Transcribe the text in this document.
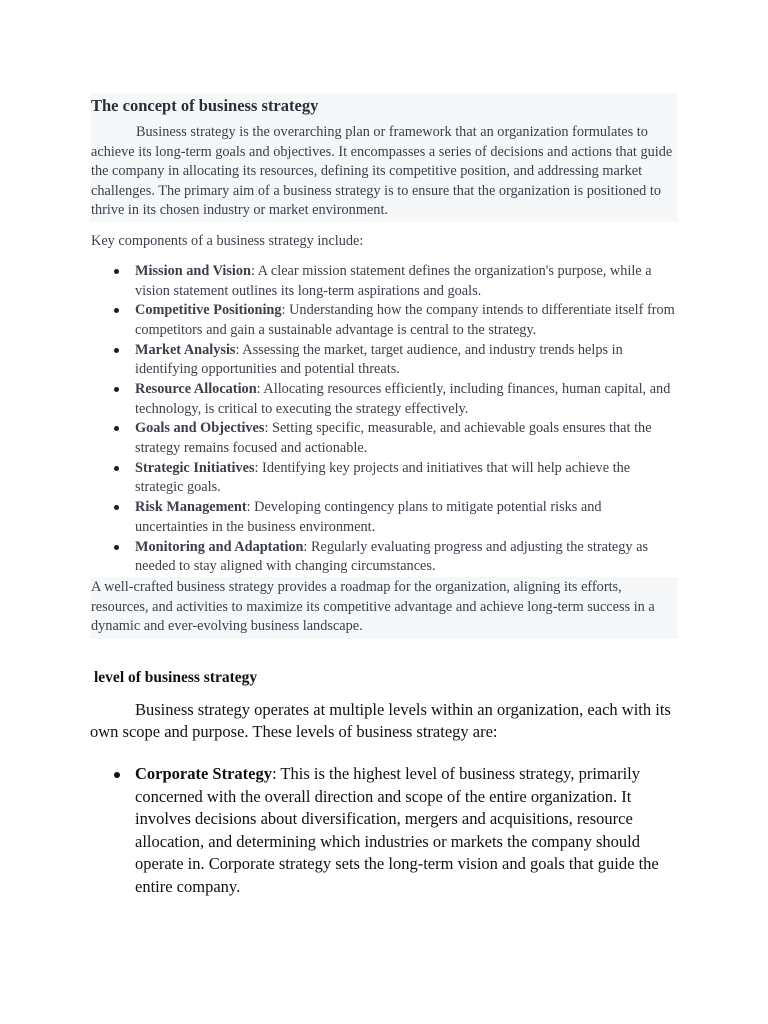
The concept of business strategy

Business strategy is the overarching plan or framework that an organization formulates to achieve its long-term goals and objectives. It encompasses a series of decisions and actions that guide the company in allocating its resources, defining its competitive position, and addressing market challenges. The primary aim of a business strategy is to ensure that the organization is positioned to thrive in its chosen industry or market environment.

Key components of a business strategy include:

Mission and Vision: A clear mission statement defines the organization's purpose, while a vision statement outlines its long-term aspirations and goals.
Competitive Positioning: Understanding how the company intends to differentiate itself from competitors and gain a sustainable advantage is central to the strategy.
Market Analysis: Assessing the market, target audience, and industry trends helps in identifying opportunities and potential threats.
Resource Allocation: Allocating resources efficiently, including finances, human capital, and technology, is critical to executing the strategy effectively.
Goals and Objectives: Setting specific, measurable, and achievable goals ensures that the strategy remains focused and actionable.
Strategic Initiatives: Identifying key projects and initiatives that will help achieve the strategic goals.
Risk Management: Developing contingency plans to mitigate potential risks and uncertainties in the business environment.
Monitoring and Adaptation: Regularly evaluating progress and adjusting the strategy as needed to stay aligned with changing circumstances.

A well-crafted business strategy provides a roadmap for the organization, aligning its efforts, resources, and activities to maximize its competitive advantage and achieve long-term success in a dynamic and ever-evolving business landscape.

level of business strategy

Business strategy operates at multiple levels within an organization, each with its own scope and purpose. These levels of business strategy are:

Corporate Strategy: This is the highest level of business strategy, primarily concerned with the overall direction and scope of the entire organization. It involves decisions about diversification, mergers and acquisitions, resource allocation, and determining which industries or markets the company should operate in. Corporate strategy sets the long-term vision and goals that guide the entire company.
